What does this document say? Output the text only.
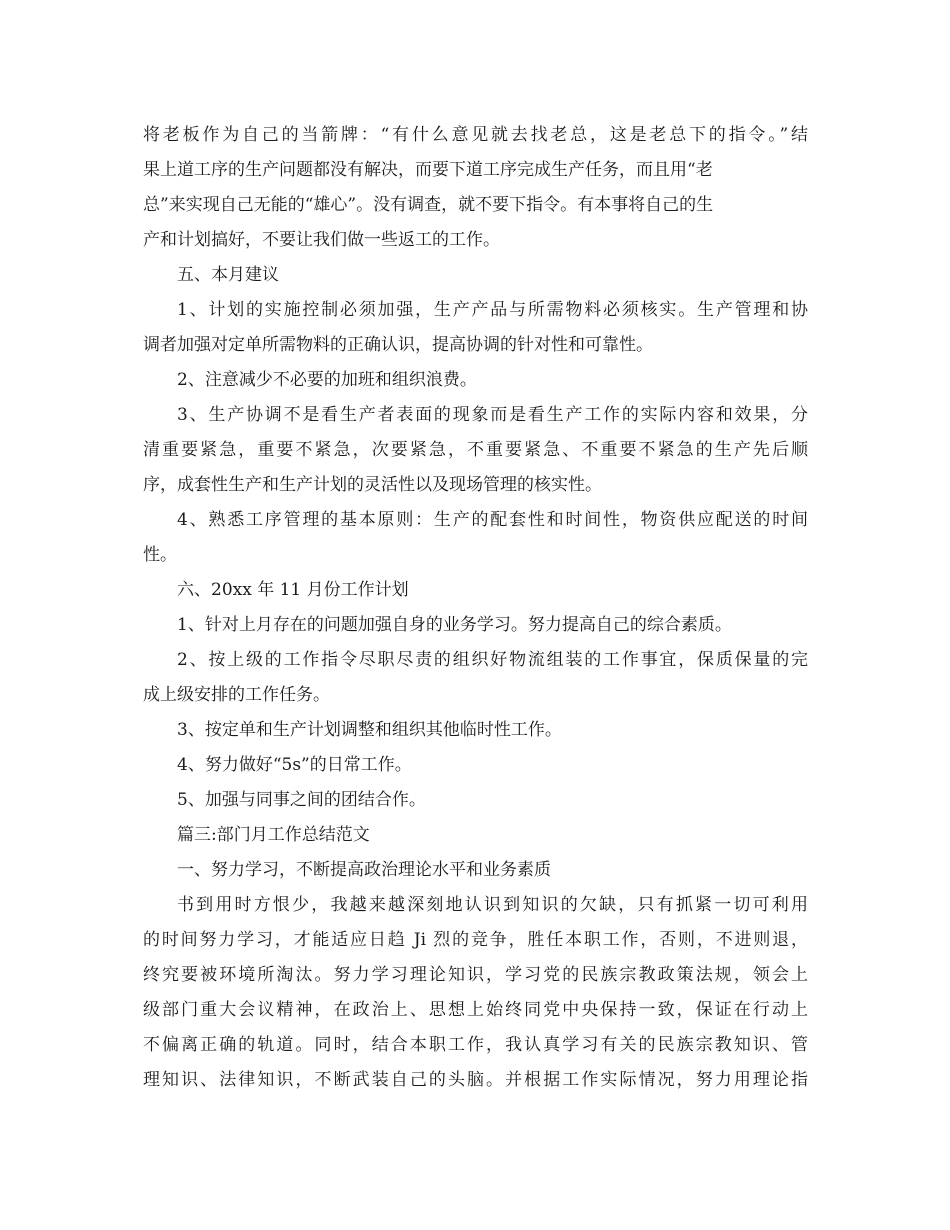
将老板作为自己的当箭牌：“有什么意见就去找老总，这是老总下的指令。”结
果上道工序的生产问题都没有解决，而要下道工序完成生产任务，而且用“老
总”来实现自己无能的“雄心”。没有调查，就不要下指令。有本事将自己的生
产和计划搞好，不要让我们做一些返工的工作。
五、本月建议
1、计划的实施控制必须加强，生产产品与所需物料必须核实。生产管理和协
调者加强对定单所需物料的正确认识，提高协调的针对性和可靠性。
2、注意减少不必要的加班和组织浪费。
3、生产协调不是看生产者表面的现象而是看生产工作的实际内容和效果，分
清重要紧急，重要不紧急，次要紧急，不重要紧急、不重要不紧急的生产先后顺
序，成套性生产和生产计划的灵活性以及现场管理的核实性。
4、熟悉工序管理的基本原则：生产的配套性和时间性，物资供应配送的时间
性。
六、20xx 年 11 月份工作计划
1、针对上月存在的问题加强自身的业务学习。努力提高自己的综合素质。
2、按上级的工作指令尽职尽责的组织好物流组装的工作事宜，保质保量的完
成上级安排的工作任务。
3、按定单和生产计划调整和组织其他临时性工作。
4、努力做好“5s”的日常工作。
5、加强与同事之间的团结合作。
篇三:部门月工作总结范文
一、努力学习，不断提高政治理论水平和业务素质
书到用时方恨少，我越来越深刻地认识到知识的欠缺，只有抓紧一切可利用
的时间努力学习，才能适应日趋 Ji 烈的竞争，胜任本职工作，否则，不进则退，
终究要被环境所淘汰。努力学习理论知识，学习党的民族宗教政策法规，领会上
级部门重大会议精神，在政治上、思想上始终同党中央保持一致，保证在行动上
不偏离正确的轨道。同时，结合本职工作，我认真学习有关的民族宗教知识、管
理知识、法律知识，不断武装自己的头脑。并根据工作实际情况，努力用理论指
